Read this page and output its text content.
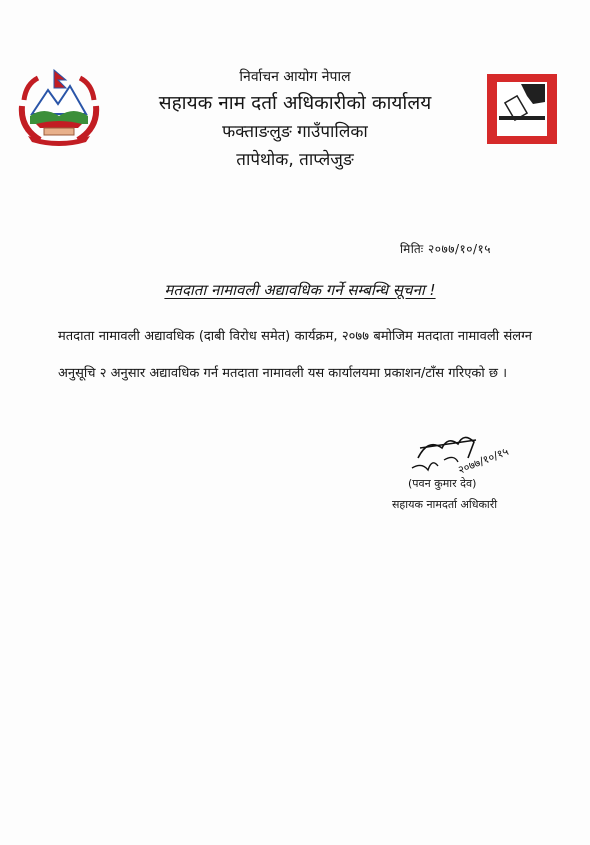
निर्वाचन आयोग नेपाल
सहायक नाम दर्ता अधिकारीको कार्यालय
फक्ताङलुङ गाउँपालिका
तापेथोक, ताप्लेजुङ
मितिः २०७७/१०/१५
मतदाता नामावली अद्यावधिक गर्ने सम्बन्धि सूचना !
मतदाता नामावली अद्यावधिक (दाबी विरोध समेत) कार्यक्रम, २०७७ बमोजिम मतदाता नामावली संलग्न अनुसूचि २ अनुसार अद्यावधिक गर्न मतदाता नामावली यस कार्यालयमा प्रकाशन/टाँस गरिएको छ ।
२०७७/१०/१५
(पवन कुमार देव)
सहायक नामदर्ता अधिकारी
